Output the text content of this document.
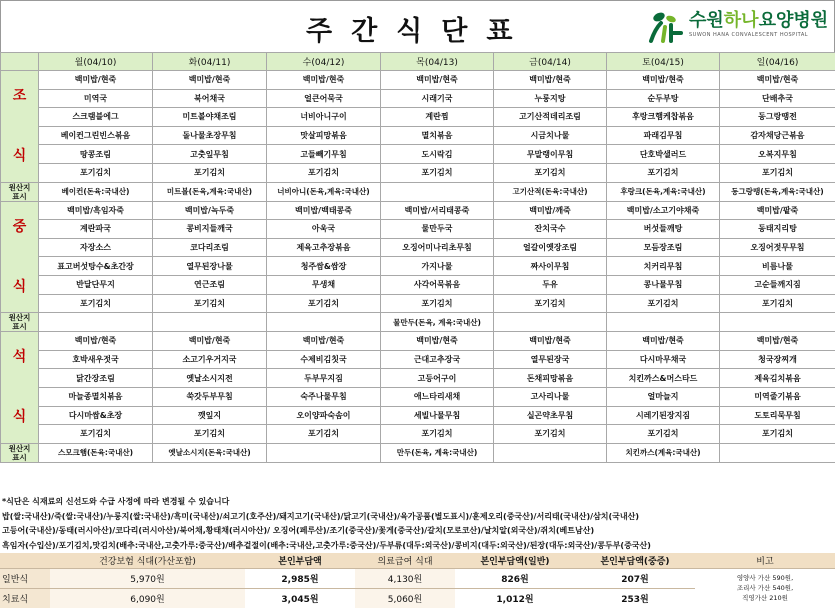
주간식단표	수원하나요양병원
SUWON HANA CONVALESCENT HOSPITAL
	월(04/10)	화(04/11)	수(04/12)	목(04/13)	금(04/14)	토(04/15)	일(04/16)
조

식	백미밥/현죽	백미밥/현죽	백미밥/현죽	백미밥/현죽	백미밥/현죽	백미밥/현죽	백미밥/현죽
	미역국	북어채국	얼큰어묵국	시래기국	누룽지탕	순두부탕	단배추국
	스크램블에그	미트볼야채조림	너비아니구이	계란찜	고기산적데리조림	후랑크햄케찹볶음	동그랑땡전
	베이컨그린빈스볶음	돌나물초장무침	맛살피망볶음	멸치볶음	시금치나물	파래김무침	감자채당근볶음
	땅콩조림	고춧잎무침	고들빼기무침	도시락김	무말랭이무침	단호박샐러드	오복지무침
	포기김치	포기김치	포기김치	포기김치	포기김치	포기김치	포기김치
원산지
표시	베이컨(돈육:국내산)	미트볼(돈육,계육:국내산)	너비아니(돈육,계육:국내산)		고기산적(돈육:국내산)	후랑크(돈육,계육:국내산)	동그랑땡(돈육,계육:국내산)
중

식	백미밥/흑임자죽	백미밥/녹두죽	백미밥/백태콩죽	백미밥/서리태콩죽	백미밥/깨죽	백미밥/소고기야채죽	백미밥/팥죽
	계란파국	콩비지들깨국	아욱국	물만두국	잔치국수	버섯들깨탕	동태지리탕
	자장소스	코다리조림	제육고추장볶음	오징어미나리초무침	얼갈이옛장조림	모듬장조림	오징어젓무무침
	표고버섯탕수&초간장	열무된장나물	청주쌈&쌈장	가지나물	짜사이무침	치커리무침	비름나물
	반달단무지	연근조림	무생채	사각어묵볶음	두유	콩나물무침	고순들깨지짐
	포기김치	포기김치	포기김치	포기김치	포기김치	포기김치	포기김치
원산지
표시				물만두(돈육, 계육:국내산)			
석

식	백미밥/현죽	백미밥/현죽	백미밥/현죽	백미밥/현죽	백미밥/현죽	백미밥/현죽	백미밥/현죽
	호박새우젓국	소고기우거지국	수제비김칫국	근대고추장국	열무된장국	다시마무채국	청국장찌개
	닭간장조림	옛날소시지전	두부무지짐	고등어구이	돈채피망볶음	치킨까스&머스타드	제육김치볶음
	마늘종멸치볶음	쑥갓두부무침	숙주나물무침	애느타리새채	고사리나물	얼마늘지	미역줄기볶음
	다시마쌈&초장	깻잎지	오이양파숙솜이	세빌나물무침	실곤약초무침	시레기된장지짐	도토리묵무침
	포기김치	포기김치	포기김치	포기김치	포기김치	포기김치	포기김치
원산지
표시	스모크햄(돈육:국내산)	옛날소시지(돈육:국내산)		만두(돈육, 계육:국내산)		치킨까스(계육:국내산)	
*식단은 식재료의 신선도와 수급 사정에 따라 변경될 수 있습니다
밥(쌀:국내산)/죽(쌀:국내산)/누룽지(쌀:국내산)/흑미(국내산)/쇠고기(호주산)/돼지고기(국내산)/닭고기(국내산)/육가공품(별도표시)/훈제오리(중국산)/서리태(국내산)/삼치(국내산)
고등어(국내산)/동태(러시아산)/코다리(러시아산)/북어채,황태채(러시아산)/ 오징어(페루산)/조기(중국산)/꽃게(중국산)/갈치(모로코산)/날치알(외국산)/쥐치(베트남산)
흑임자(수입산)/포기김치,맛김치(배추:국내산,고춧가루:중국산)/배추겉절이(배추:국내산,고춧가루:중국산)/두부류(대두:외국산)/콩비지(대두:외국산)/된장(대두:외국산)/콩두부(중국산)
	건강보험 식대(가산포함)	본인부담액	의료급여 식대	본인부담액(일반)	본인부담액(중증)	비고
일반식	5,970원	2,985원	4,130원	826원	207원	영양사 가산 590원,
조리사 가산 540원,
직영가산 210원
치료식	6,090원	3,045원	5,060원	1,012원	253원	
